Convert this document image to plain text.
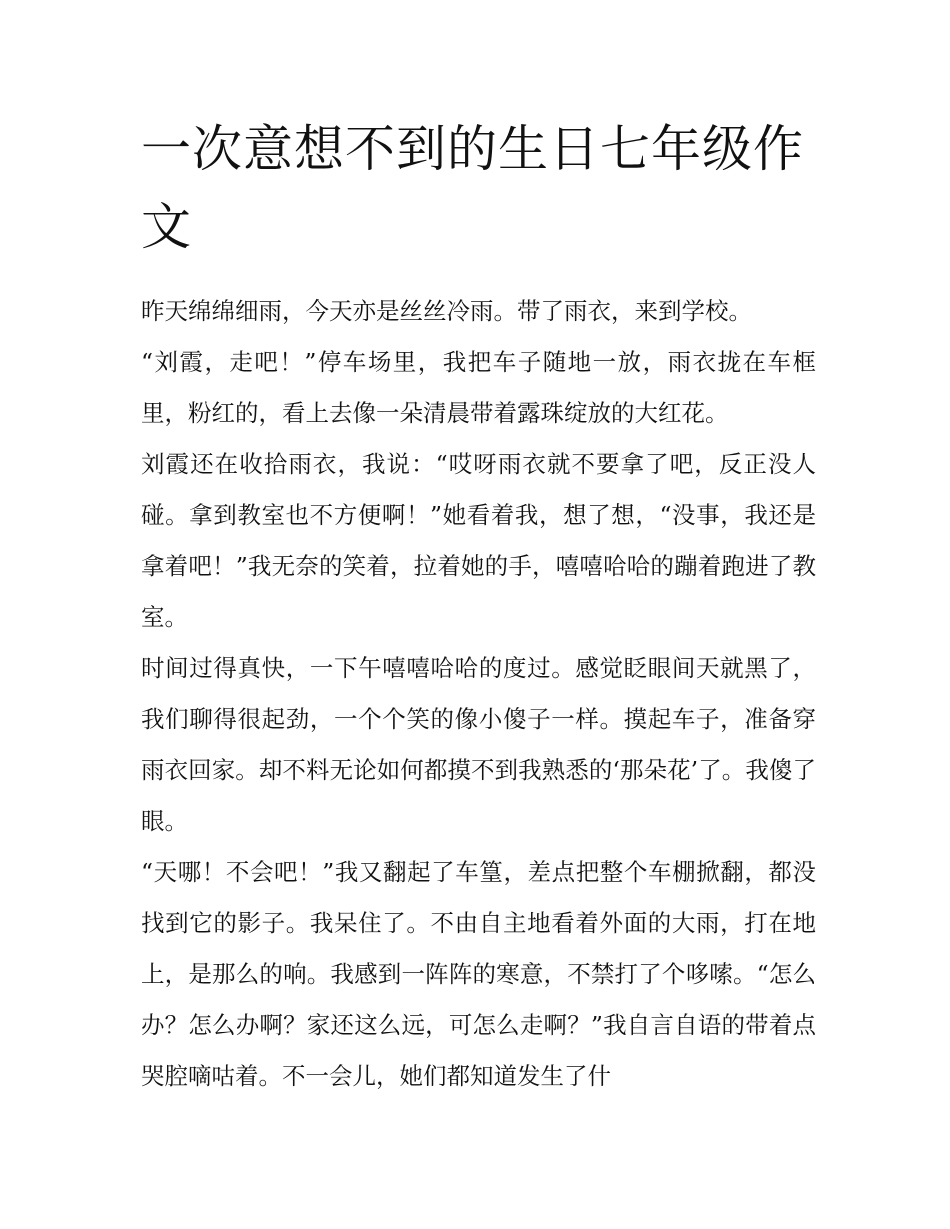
一次意想不到的生日七年级作文

昨天绵绵细雨，今天亦是丝丝冷雨。带了雨衣，来到学校。

“刘霞，走吧！”停车场里，我把车子随地一放，雨衣拢在车框里，粉红的，看上去像一朵清晨带着露珠绽放的大红花。

刘霞还在收拾雨衣，我说：“哎呀雨衣就不要拿了吧，反正没人碰。拿到教室也不方便啊！”她看着我，想了想，“没事，我还是拿着吧！”我无奈的笑着，拉着她的手，嘻嘻哈哈的蹦着跑进了教室。

时间过得真快，一下午嘻嘻哈哈的度过。感觉眨眼间天就黑了，我们聊得很起劲，一个个笑的像小傻子一样。摸起车子，准备穿雨衣回家。却不料无论如何都摸不到我熟悉的‘那朵花’了。我傻了眼。

“天哪！不会吧！”我又翻起了车篁，差点把整个车棚掀翻，都没找到它的影子。我呆住了。不由自主地看着外面的大雨，打在地上，是那么的响。我感到一阵阵的寒意，不禁打了个哆嗦。“怎么办？怎么办啊？家还这么远，可怎么走啊？”我自言自语的带着点哭腔嘀咕着。不一会儿，她们都知道发生了什
